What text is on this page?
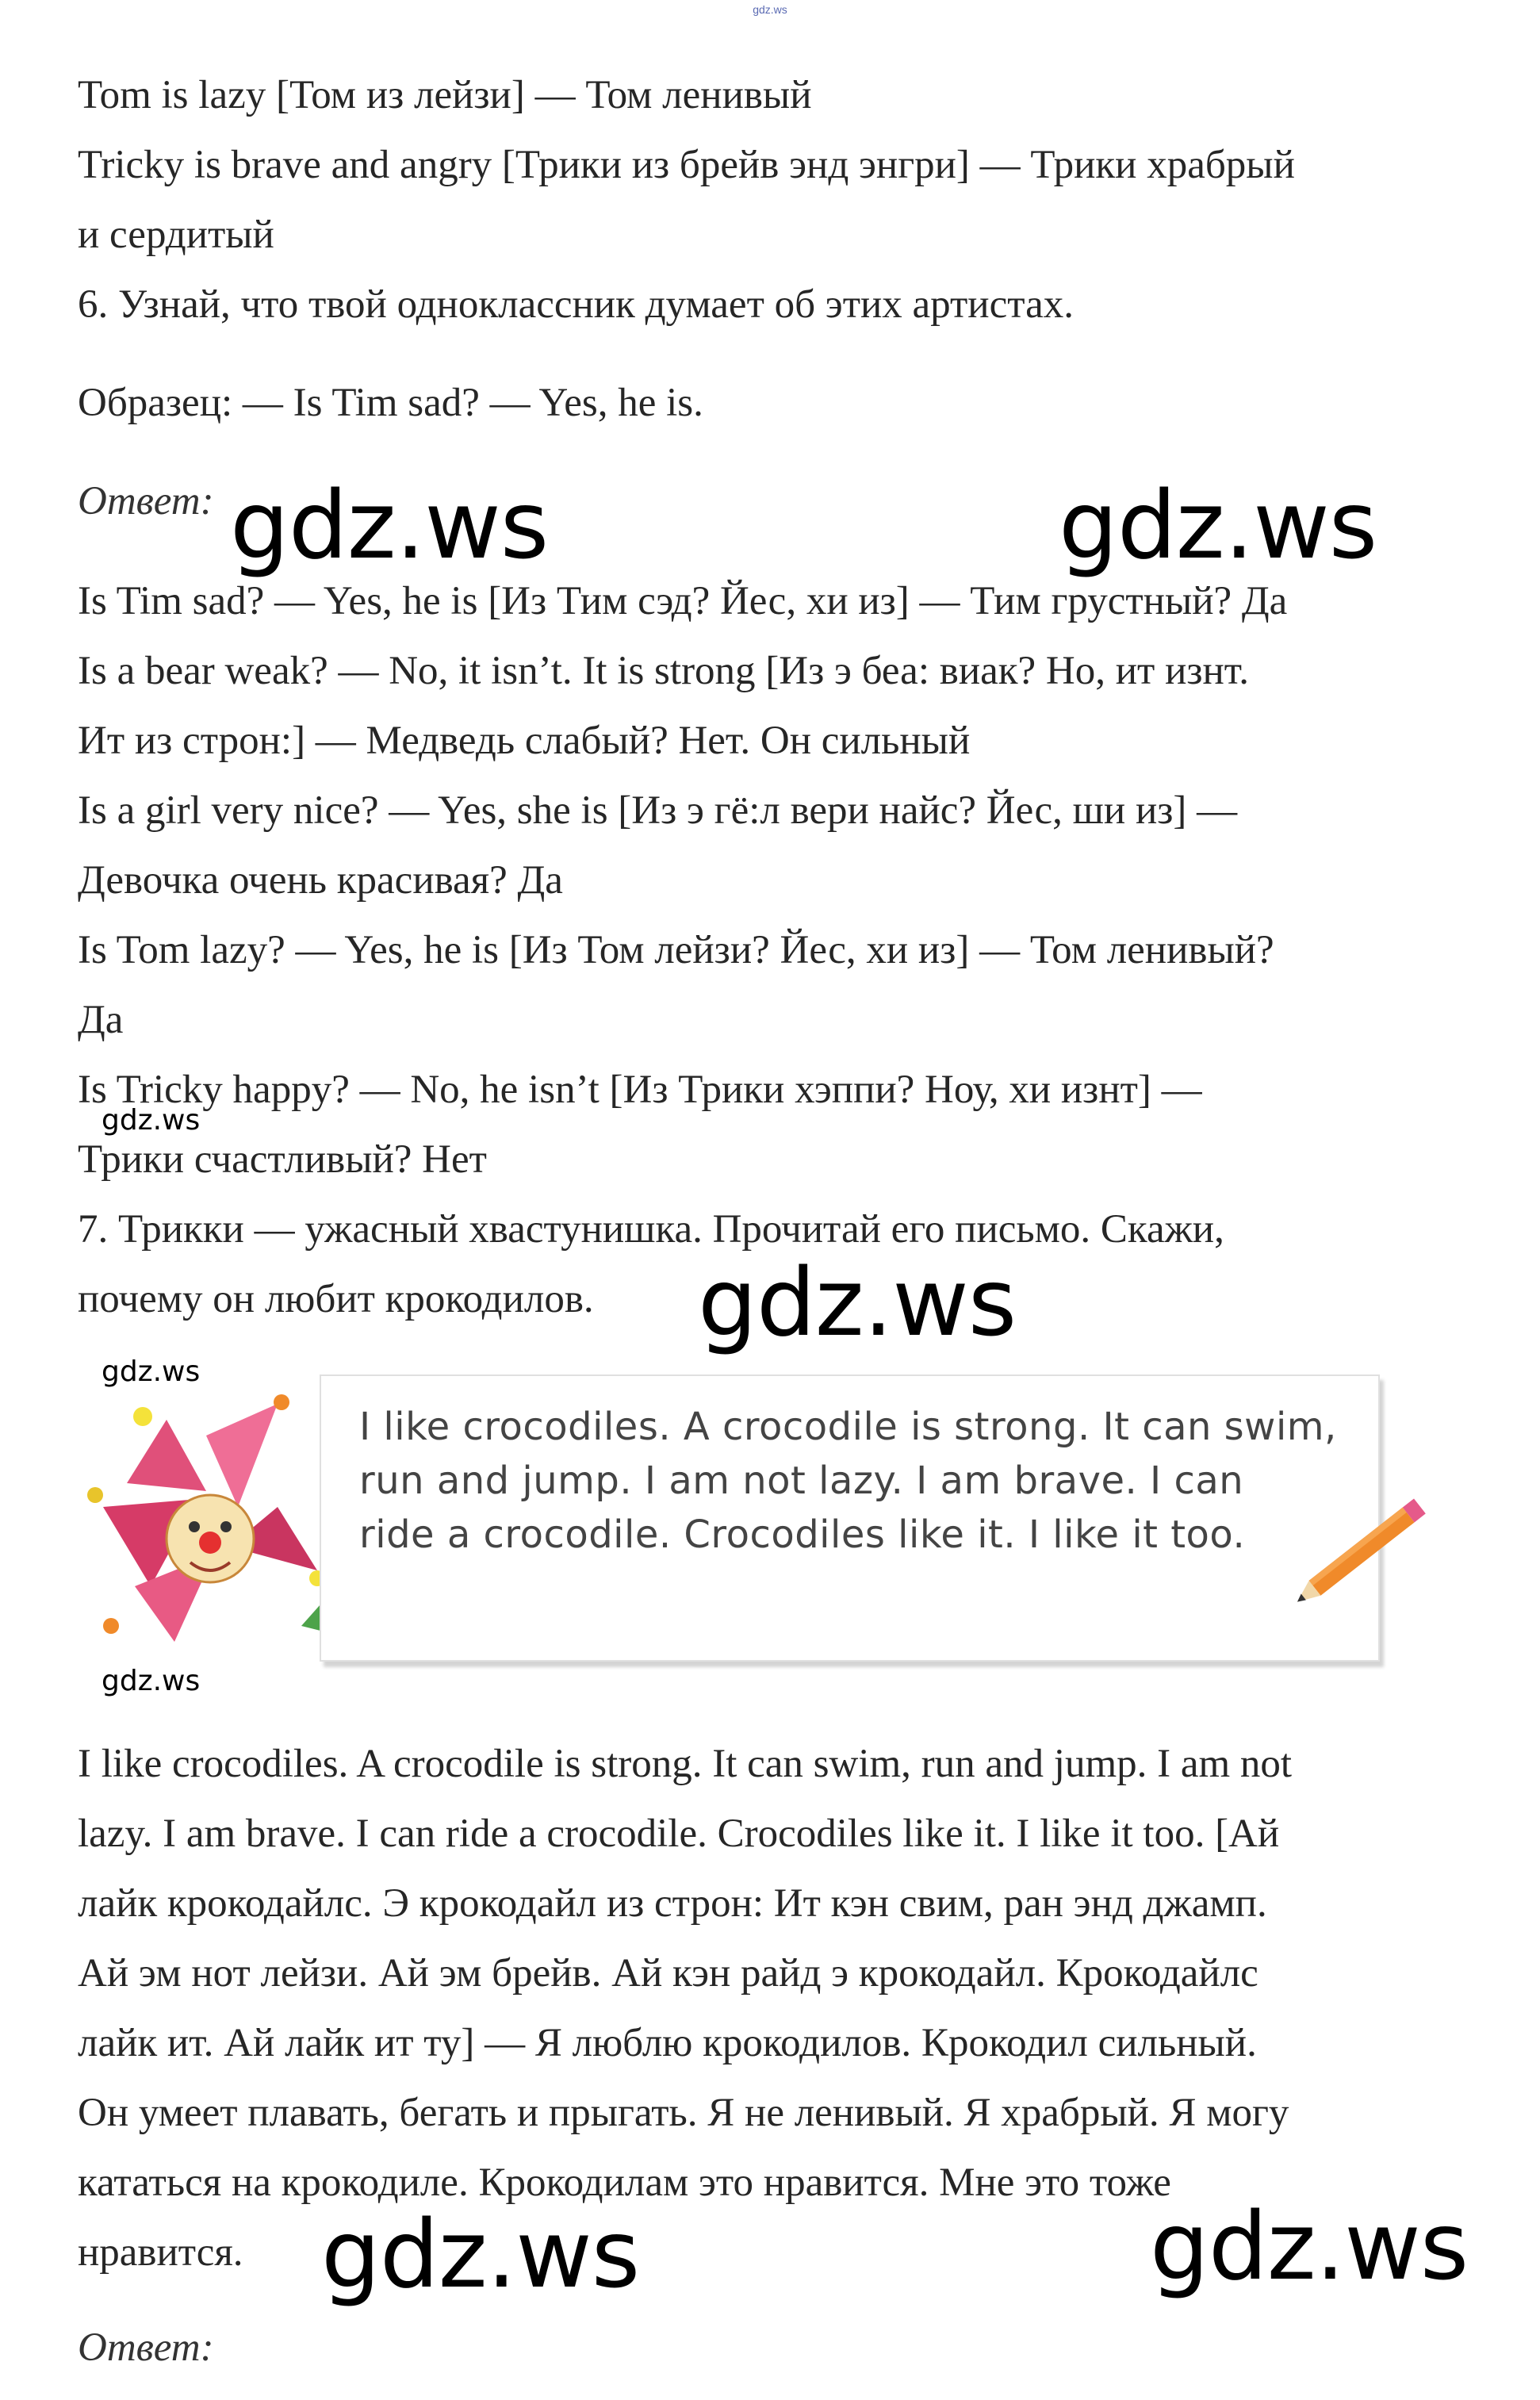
gdz.ws
Tom is lazy [Том из лейзи] — Том ленивый
Tricky is brave and angry [Трики из брейв энд энгри] — Трики храбрый
и сердитый
6. Узнай, что твой одноклассник думает об этих артистах.
Образец: — Is Tim sad? — Yes, he is.
Ответ:
Is Tim sad? — Yes, he is [Из Тим сэд? Йес, хи из] — Тим грустный? Да
Is a bear weak? — No, it isn’t. It is strong [Из э беа: виак? Но, ит изнт.
Ит из строн:] — Медведь слабый? Нет. Он сильный
Is a girl very nice? — Yes, she is [Из э гё:л вери найс? Йес, ши из] —
Девочка очень красивая? Да
Is Tom lazy? — Yes, he is [Из Том лейзи? Йес, хи из] — Том ленивый?
Да
Is Tricky happy? — No, he isn’t [Из Трики хэппи? Ноу, хи изнт] —
Трики счастливый? Нет
7. Трикки — ужасный хвастунишка. Прочитай его письмо. Скажи,
почему он любит крокодилов.
I like crocodiles. A crocodile is strong. It can swim,
run and jump. I am not lazy. I am brave. I can
ride a crocodile. Crocodiles like it. I like it too.
I like crocodiles. A crocodile is strong. It can swim, run and jump. I am not
lazy. I am brave. I can ride a crocodile. Crocodiles like it. I like it too. [Ай
лайк крокодайлс. Э крокодайл из строн: Ит кэн свим, ран энд джамп.
Ай эм нот лейзи. Ай эм брейв. Ай кэн райд э крокодайл. Крокодайлс
лайк ит. Ай лайк ит ту] — Я люблю крокодилов. Крокодил сильный.
Он умеет плавать, бегать и прыгать. Я не ленивый. Я храбрый. Я могу
кататься на крокодиле. Крокодилам это нравится. Мне это тоже
нравится.
Ответ:
gdz.ws	gdz.ws
gdz.ws
gdz.ws	gdz.ws
gdz.ws
gdz.ws
gdz.ws
